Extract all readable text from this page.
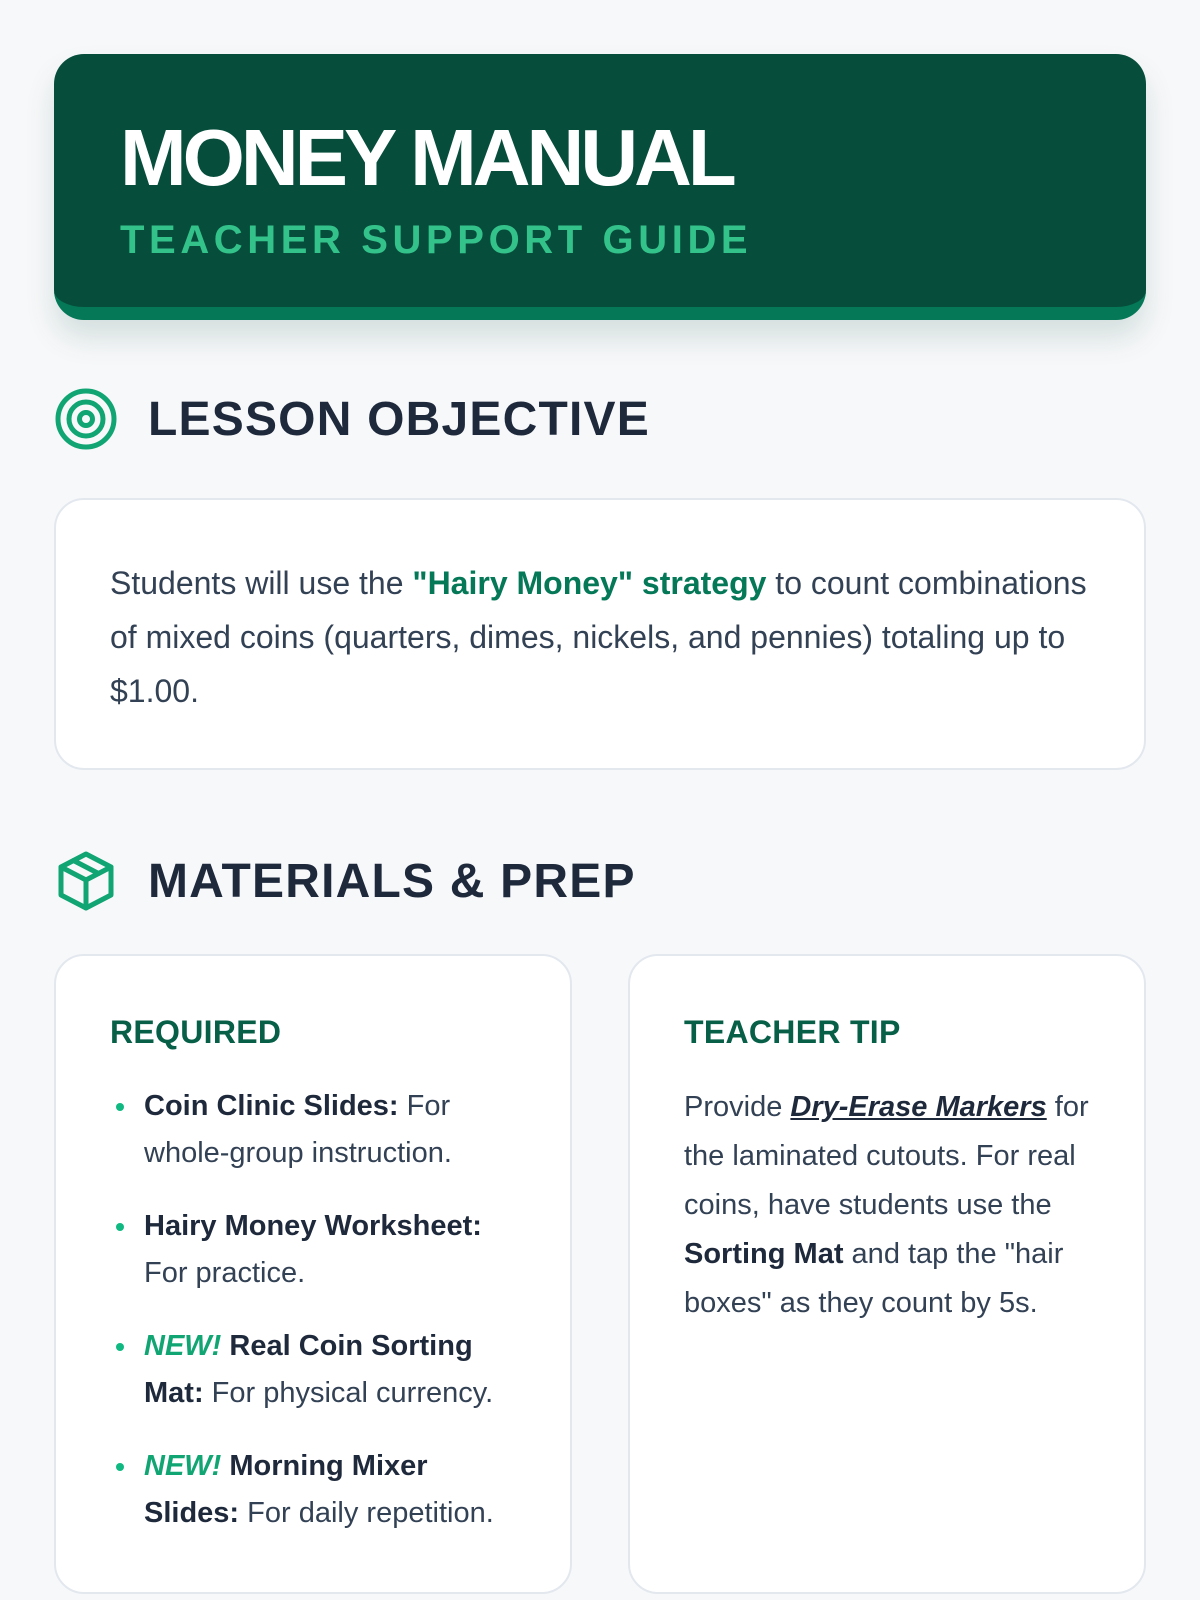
MONEY MANUAL
TEACHER SUPPORT GUIDE
LESSON OBJECTIVE

Students will use the "Hairy Money" strategy to count combinations of mixed coins (quarters, dimes, nickels, and pennies) totaling up to $1.00.

MATERIALS & PREP
REQUIRED
Coin Clinic Slides: For whole-group instruction.
Hairy Money Worksheet: For practice.
NEW! Real Coin Sorting Mat: For physical currency.
NEW! Morning Mixer Slides: For daily repetition.
TEACHER TIP

Provide Dry-Erase Markers for the laminated cutouts. For real coins, have students use the Sorting Mat and tap the "hair boxes" as they count by 5s.
